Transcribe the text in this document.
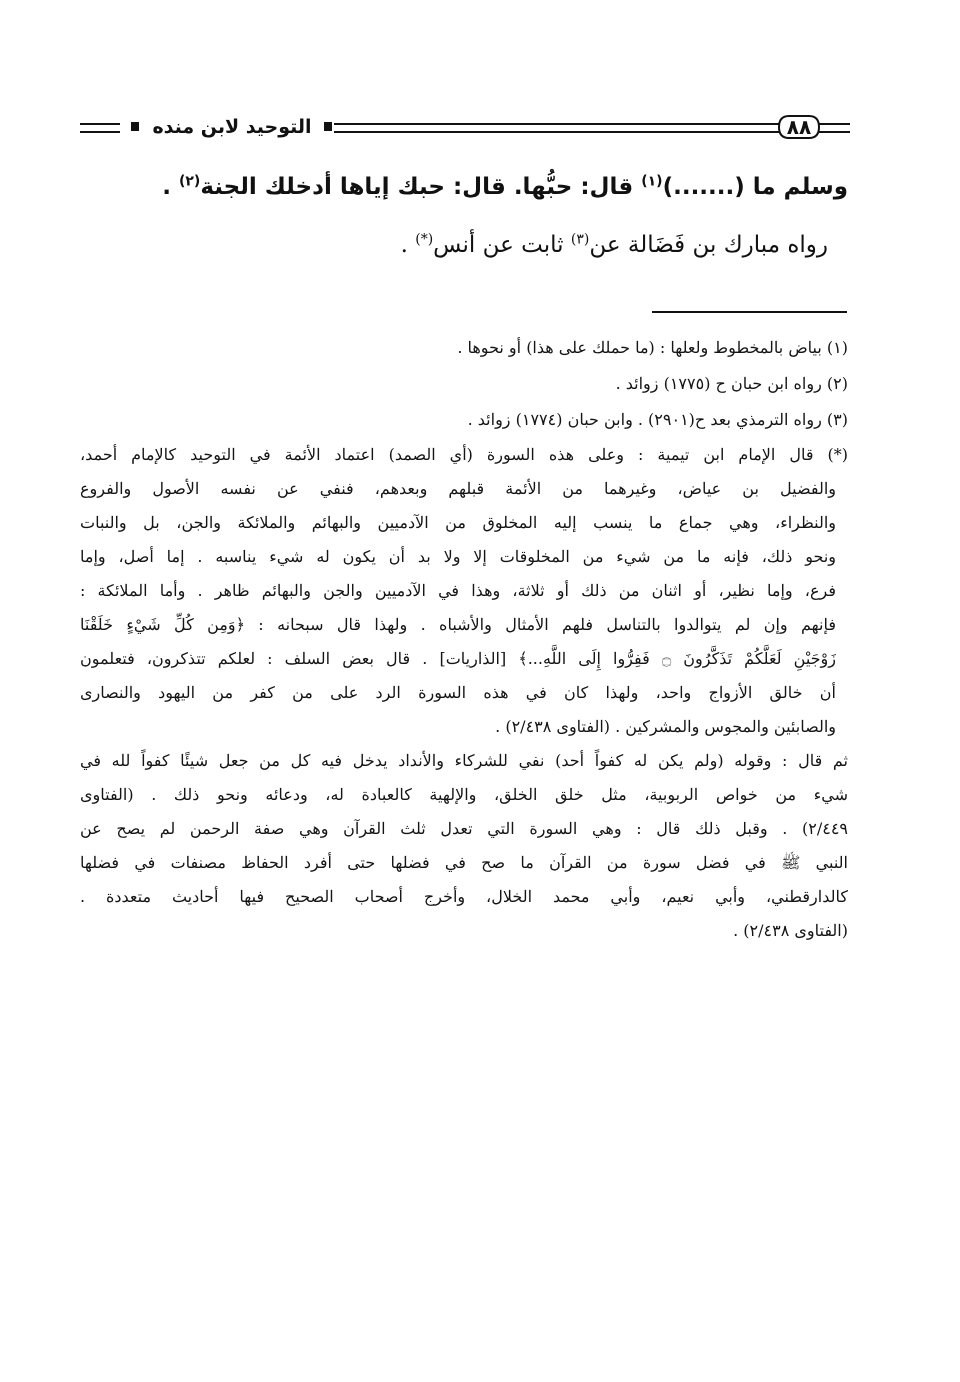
التوحيد لابن منده	٨٨
وسلم ما (.......)$^{(١)}$ قال: حبُّها. قال: حبك إياها أدخلك الجنة$^{(٢)}$ .
رواه مبارك بن فَضَالة عن$^{(٣)}$ ثابت عن أنس(*) .
(١) بياض بالمخطوط ولعلها : (ما حملك على هذا) أو نحوها .
(٢) رواه ابن حبان ح (١٧٧٥) زوائد .
(٣) رواه الترمذي بعد ح(٢٩٠١) . وابن حبان (١٧٧٤) زوائد .
(*) قال الإمام ابن تيمية : وعلى هذه السورة (أي الصمد) اعتماد الأئمة في التوحيد كالإمام أحمد،
والفضيل بن عياض، وغيرهما من الأئمة قبلهم وبعدهم، فنفي عن نفسه الأصول والفروع
والنظراء، وهي جماع ما ينسب إليه المخلوق من الآدميين والبهائم والملائكة والجن، بل والنبات
ونحو ذلك، فإنه ما من شيء من المخلوقات إلا ولا بد أن يكون له شيء يناسبه . إما أصل، وإما
فرع، وإما نظير، أو اثنان من ذلك أو ثلاثة، وهذا في الآدميين والجن والبهائم ظاهر . وأما الملائكة :
فإنهم وإن لم يتوالدوا بالتناسل فلهم الأمثال والأشباه . ولهذا قال سبحانه : ﴿وَمِن كُلِّ شَيْءٍ خَلَقْنَا
زَوْجَيْنِ لَعَلَّكُمْ تَذَكَّرُونَ ۝ فَفِرُّوا إِلَى اللَّهِ...﴾ [الذاريات] . قال بعض السلف : لعلكم تتذكرون، فتعلمون
أن خالق الأزواج واحد، ولهذا كان في هذه السورة الرد على من كفر من اليهود والنصارى
والصابئين والمجوس والمشركين . (الفتاوى ٢/٤٣٨) .
ثم قال : وقوله (ولم يكن له كفواً أحد) نفي للشركاء والأنداد يدخل فيه كل من جعل شيئًا كفواً لله في
شيء من خواص الربوبية، مثل خلق الخلق، والإلهية كالعبادة له، ودعائه ونحو ذلك . (الفتاوى
٢/٤٤٩) . وقبل ذلك قال : وهي السورة التي تعدل ثلث القرآن وهي صفة الرحمن لم يصح عن
النبي ﷺ في فضل سورة من القرآن ما صح في فضلها حتى أفرد الحفاظ مصنفات في فضلها
كالدارقطني، وأبي نعيم، وأبي محمد الخلال، وأخرج أصحاب الصحيح فيها أحاديث متعددة .
(الفتاوى ٢/٤٣٨) .
